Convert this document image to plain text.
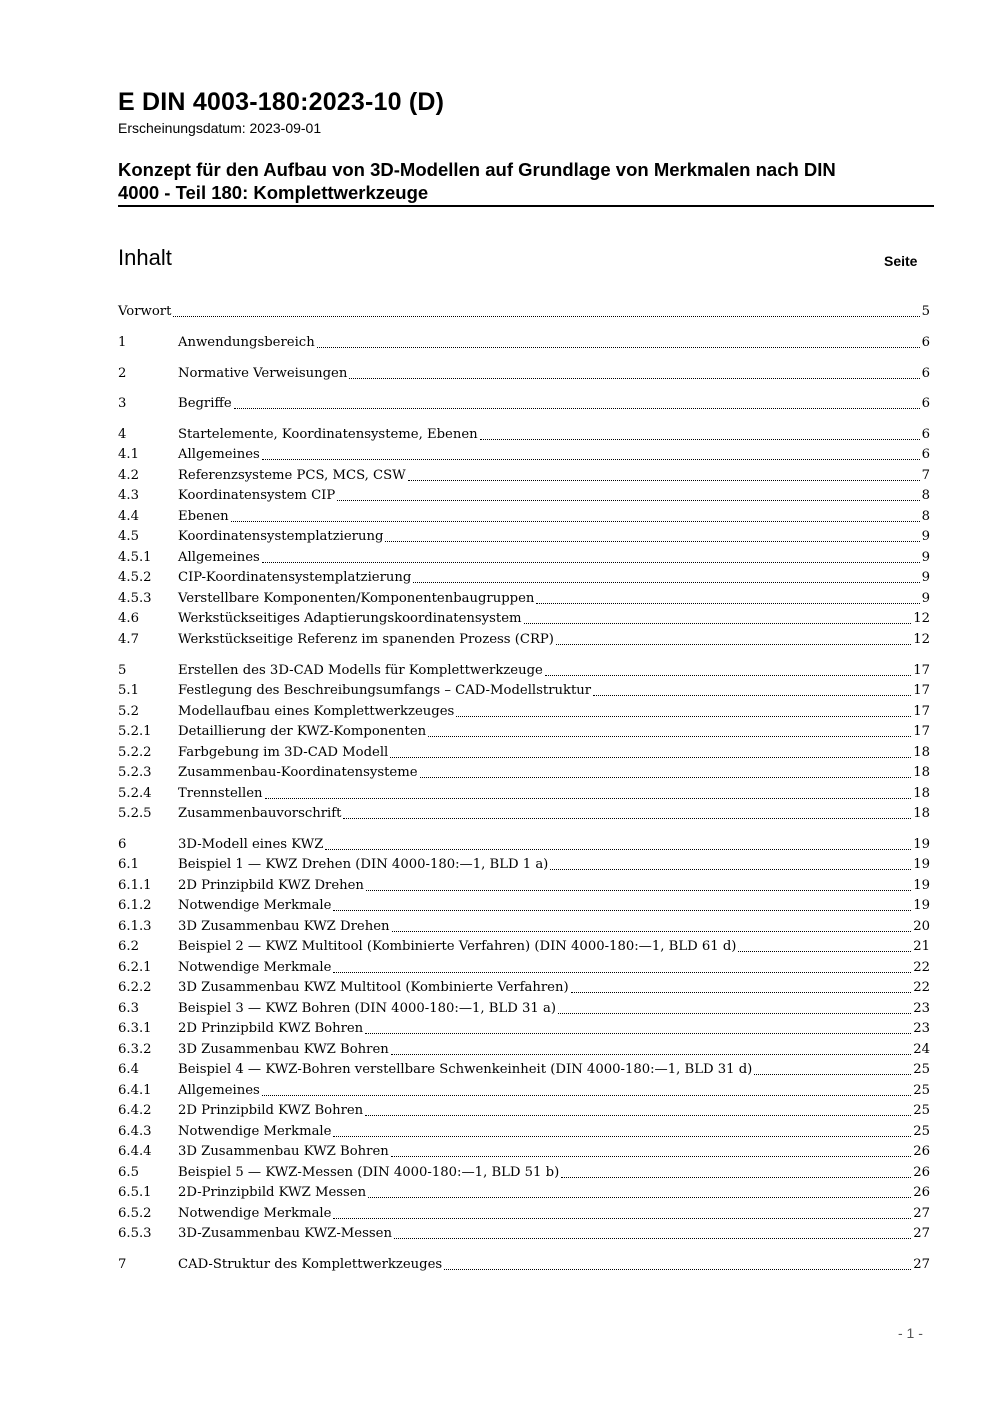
E DIN 4003-180:2023-10 (D)
Erscheinungsdatum: 2023-09-01
Konzept für den Aufbau von 3D-Modellen auf Grundlage von Merkmalen nach DIN
4000 - Teil 180: Komplettwerkzeuge
Inhalt	Seite
Vorwort	5
1	Anwendungsbereich	6
2	Normative Verweisungen	6
3	Begriffe	6
4	Startelemente, Koordinatensysteme, Ebenen	6
4.1	Allgemeines	6
4.2	Referenzsysteme PCS, MCS, CSW	7
4.3	Koordinatensystem CIP	8
4.4	Ebenen	8
4.5	Koordinatensystemplatzierung	9
4.5.1 Allgemeines	9
4.5.2 CIP-Koordinatensystemplatzierung	9
4.5.3 Verstellbare Komponenten/Komponentenbaugruppen	9
4.6	Werkstückseitiges Adaptierungskoordinatensystem	12
4.7	Werkstückseitige Referenz im spanenden Prozess (CRP)	12
5	Erstellen des 3D-CAD Modells für Komplettwerkzeuge	17
5.1	Festlegung des Beschreibungsumfangs – CAD-Modellstruktur	17
5.2	Modellaufbau eines Komplettwerkzeuges	17
5.2.1 Detaillierung der KWZ-Komponenten	17
5.2.2 Farbgebung im 3D-CAD Modell	18
5.2.3 Zusammenbau-Koordinatensysteme	18
5.2.4 Trennstellen	18
5.2.5 Zusammenbauvorschrift	18
6	3D-Modell eines KWZ	19
6.1	Beispiel 1 — KWZ Drehen (DIN 4000-180:—1, BLD 1 a)	19
6.1.1 2D Prinzipbild KWZ Drehen	19
6.1.2 Notwendige Merkmale	19
6.1.3 3D Zusammenbau KWZ Drehen	20
6.2	Beispiel 2 — KWZ Multitool (Kombinierte Verfahren) (DIN 4000-180:—1, BLD 61 d)	21
6.2.1 Notwendige Merkmale	22
6.2.2 3D Zusammenbau KWZ Multitool (Kombinierte Verfahren)	22
6.3	Beispiel 3 — KWZ Bohren (DIN 4000-180:—1, BLD 31 a)	23
6.3.1 2D Prinzipbild KWZ Bohren	23
6.3.2 3D Zusammenbau KWZ Bohren	24
6.4	Beispiel 4 — KWZ-Bohren verstellbare Schwenkeinheit (DIN 4000-180:—1, BLD 31 d)	25
6.4.1 Allgemeines	25
6.4.2 2D Prinzipbild KWZ Bohren	25
6.4.3 Notwendige Merkmale	25
6.4.4 3D Zusammenbau KWZ Bohren	26
6.5	Beispiel 5 — KWZ-Messen (DIN 4000-180:—1, BLD 51 b)	26
6.5.1 2D-Prinzipbild KWZ Messen	26
6.5.2 Notwendige Merkmale	27
6.5.3 3D-Zusammenbau KWZ-Messen	27
7	CAD-Struktur des Komplettwerkzeuges	27
- 1 -
